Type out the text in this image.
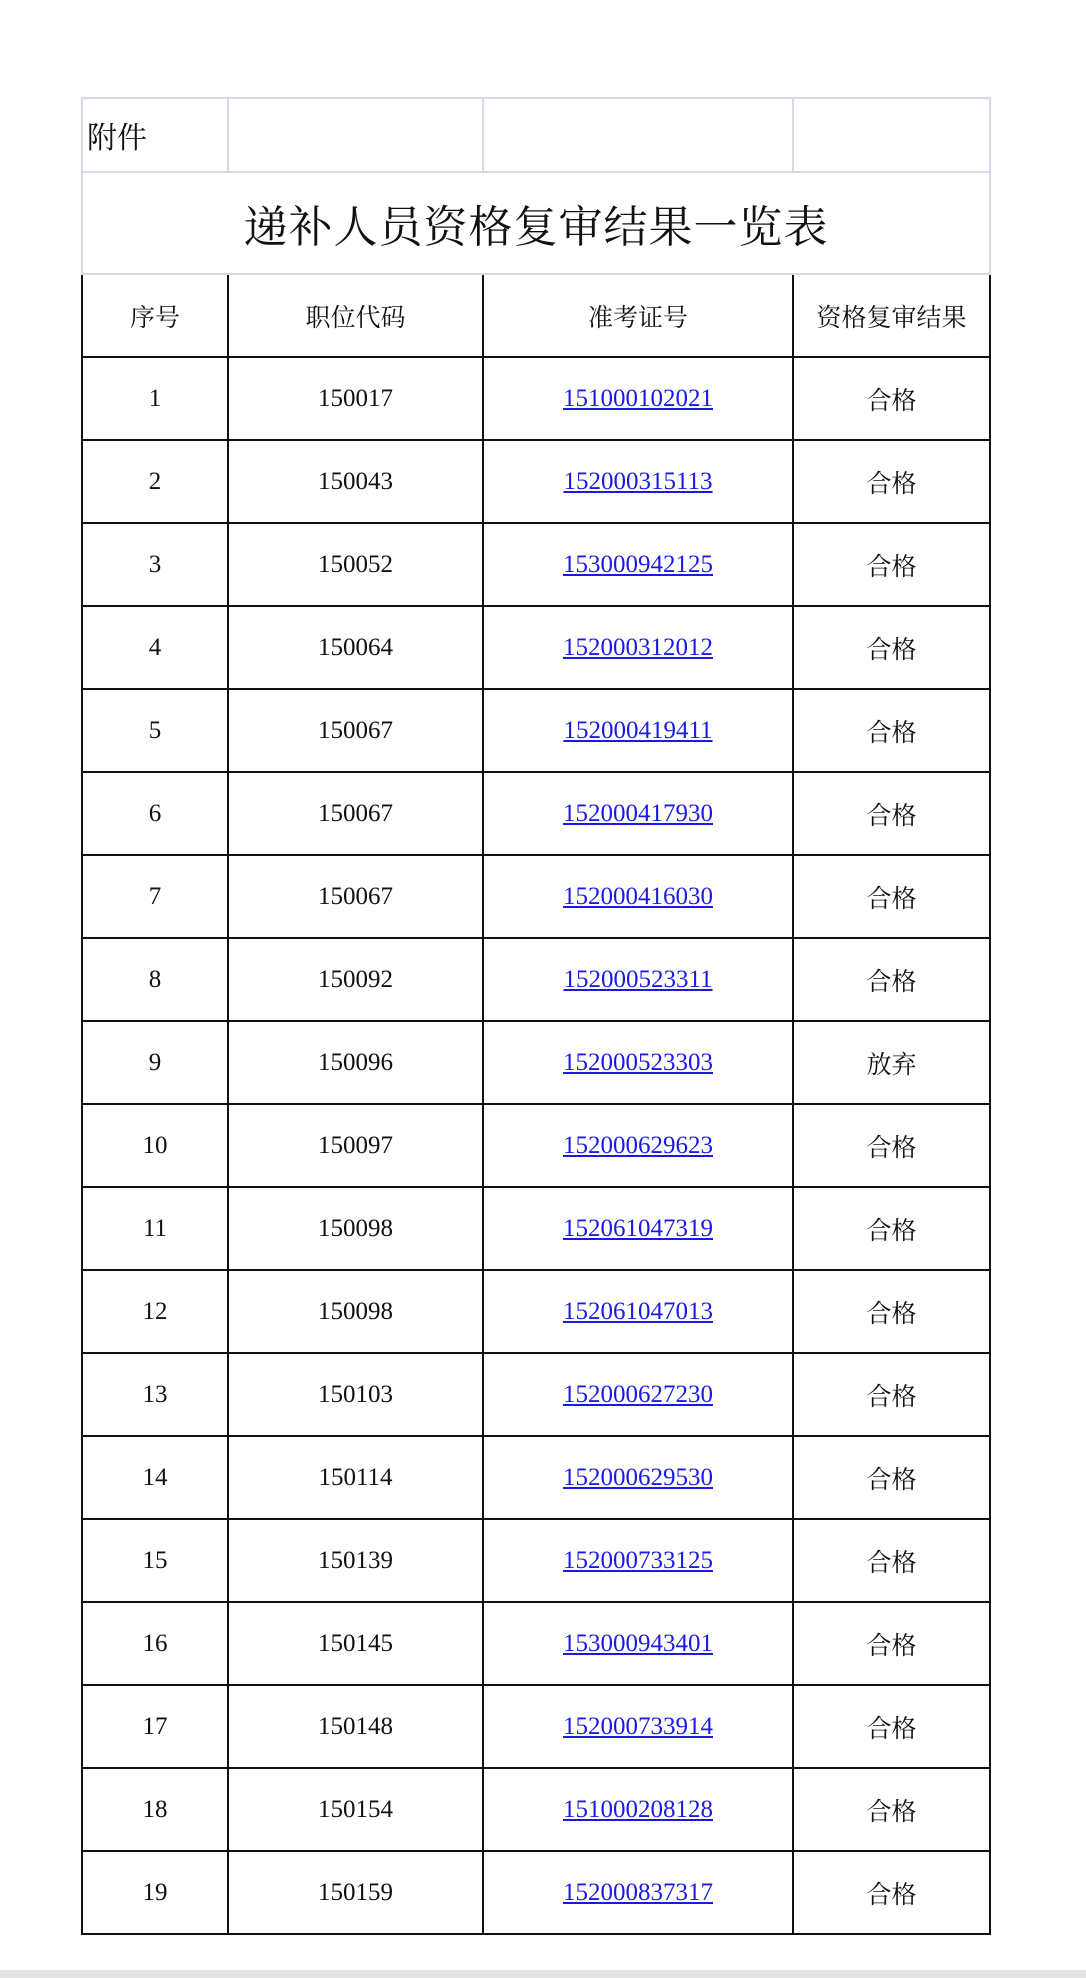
附件			
递补人员资格复审结果一览表			
序号	职位代码	准考证号	资格复审结果
1	150017	151000102021	合格
2	150043	152000315113	合格
3	150052	153000942125	合格
4	150064	152000312012	合格
5	150067	152000419411	合格
6	150067	152000417930	合格
7	150067	152000416030	合格
8	150092	152000523311	合格
9	150096	152000523303	放弃
10	150097	152000629623	合格
11	150098	152061047319	合格
12	150098	152061047013	合格
13	150103	152000627230	合格
14	150114	152000629530	合格
15	150139	152000733125	合格
16	150145	153000943401	合格
17	150148	152000733914	合格
18	150154	151000208128	合格
19	150159	152000837317	合格
